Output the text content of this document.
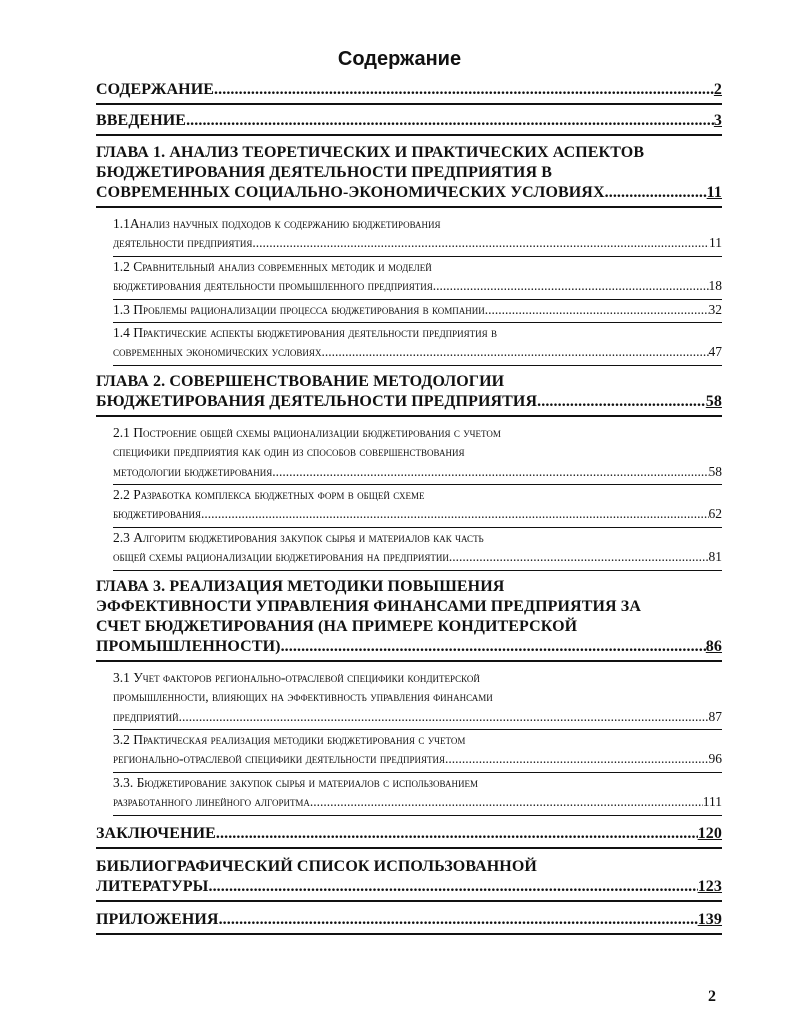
Содержание
СОДЕРЖАНИЕ .....	2
ВВЕДЕНИЕ .....	3
ГЛАВА 1. АНАЛИЗ ТЕОРЕТИЧЕСКИХ И ПРАКТИЧЕСКИХ АСПЕКТОВ
БЮДЖЕТИРОВАНИЯ ДЕЯТЕЛЬНОСТИ ПРЕДПРИЯТИЯ В
СОВРЕМЕННЫХ СОЦИАЛЬНО-ЭКОНОМИЧЕСКИХ УСЛОВИЯХ .....	11
1.1Анализ научных подходов к содержанию бюджетирования
деятельности предприятия .....	11
1.2 Сравнительный анализ современных методик и моделей
бюджетирования деятельности промышленного предприятия .....	18
1.3 Проблемы рационализации процесса бюджетирования в компании .....	32
1.4 Практические аспекты бюджетирования деятельности предприятия в
современных экономических условиях .....	47
ГЛАВА 2. СОВЕРШЕНСТВОВАНИЕ МЕТОДОЛОГИИ
БЮДЖЕТИРОВАНИЯ ДЕЯТЕЛЬНОСТИ ПРЕДПРИЯТИЯ .....	58
2.1 Построение общей схемы рационализации бюджетирования с учетом
специфики предприятия как один из способов совершенствования
методологии бюджетирования .....	58
2.2 Разработка комплекса бюджетных форм в общей схеме
бюджетирования .....	62
2.3 Алгоритм бюджетирования закупок сырья и материалов как часть
общей схемы рационализации бюджетирования на предприятии .....	81
ГЛАВА 3. РЕАЛИЗАЦИЯ МЕТОДИКИ ПОВЫШЕНИЯ
ЭФФЕКТИВНОСТИ УПРАВЛЕНИЯ ФИНАНСАМИ ПРЕДПРИЯТИЯ ЗА
СЧЕТ БЮДЖЕТИРОВАНИЯ (НА ПРИМЕРЕ КОНДИТЕРСКОЙ
ПРОМЫШЛЕННОСТИ) .....	86
3.1 Учет факторов регионально-отраслевой специфики кондитерской
промышленности, влияющих на эффективность управления финансами
предприятий .....	87
3.2 Практическая реализация методики бюджетирования с учетом
регионально-отраслевой специфики деятельности предприятия .....	96
3.3. Бюджетирование закупок сырья и материалов с использованием
разработанного линейного алгоритма .....	111
ЗАКЛЮЧЕНИЕ .....	120
БИБЛИОГРАФИЧЕСКИЙ СПИСОК ИСПОЛЬЗОВАННОЙ
ЛИТЕРАТУРЫ .....	123
ПРИЛОЖЕНИЯ .....	139
2
